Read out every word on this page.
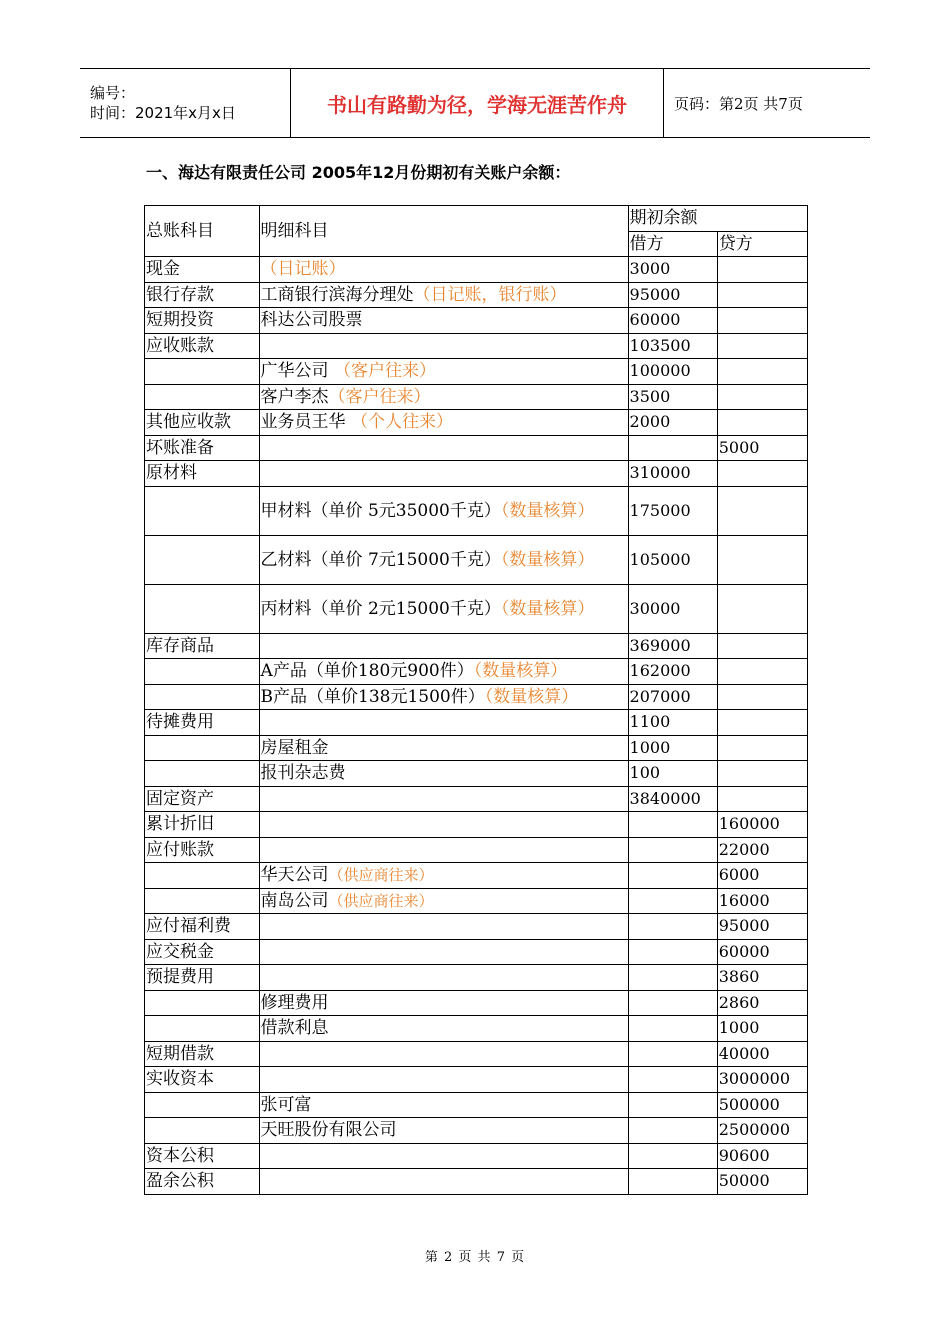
编号：
时间：2021年x月x日	书山有路勤为径，学海无涯苦作舟	页码：第2页 共7页
一、海达有限责任公司 2005年12月份期初有关账户余额：
总账科目	明细科目	期初余额	
		借方	贷方
现金	（日记账）	3000	
银行存款	工商银行滨海分理处（日记账，银行账）	95000	
短期投资	科达公司股票	60000	
应收账款		103500	
	广华公司 （客户往来）	100000	
	客户李杰（客户往来）	3500	
其他应收款	业务员王华 （个人往来）	2000	
坏账准备			5000
原材料		310000	
	甲材料（单价 5元35000千克）（数量核算）	175000	
	乙材料（单价 7元15000千克）（数量核算）	105000	
	丙材料（单价 2元15000千克）（数量核算）	30000	
库存商品		369000	
	A产品（单价180元900件）（数量核算）	162000	
	B产品（单价138元1500件）（数量核算）	207000	
待摊费用		1100	
	房屋租金	1000	
	报刊杂志费	100	
固定资产		3840000	
累计折旧			160000
应付账款			22000
	华天公司（供应商往来）		6000
	南岛公司（供应商往来）		16000
应付福利费			95000
应交税金			60000
预提费用			3860
	修理费用		2860
	借款利息		1000
短期借款			40000
实收资本			3000000
	张可富		500000
	天旺股份有限公司		2500000
资本公积			90600
盈余公积			50000
第 2 页 共 7 页
